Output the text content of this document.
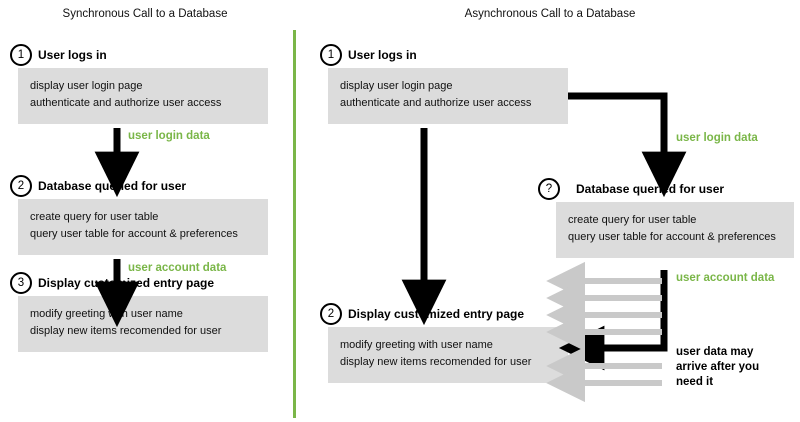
Synchronous Call to a Database	Asynchronous Call to a Database
1	User logs in
display user login page
authenticate and authorize user access
user login data
2	Database queried for user
create query for user table
query user table for account & preferences
user account data
3	Display customized entry page
modify greeting with user name
display new items recomended for user
1	User logs in
display user login page
authenticate and authorize user access
user login data
?	Database queried for user
create query for user table
query user table for account & preferences
user account data
2	Display customized entry page
modify greeting with user name
display new items recomended for user
user data may
arrive after you
need it
